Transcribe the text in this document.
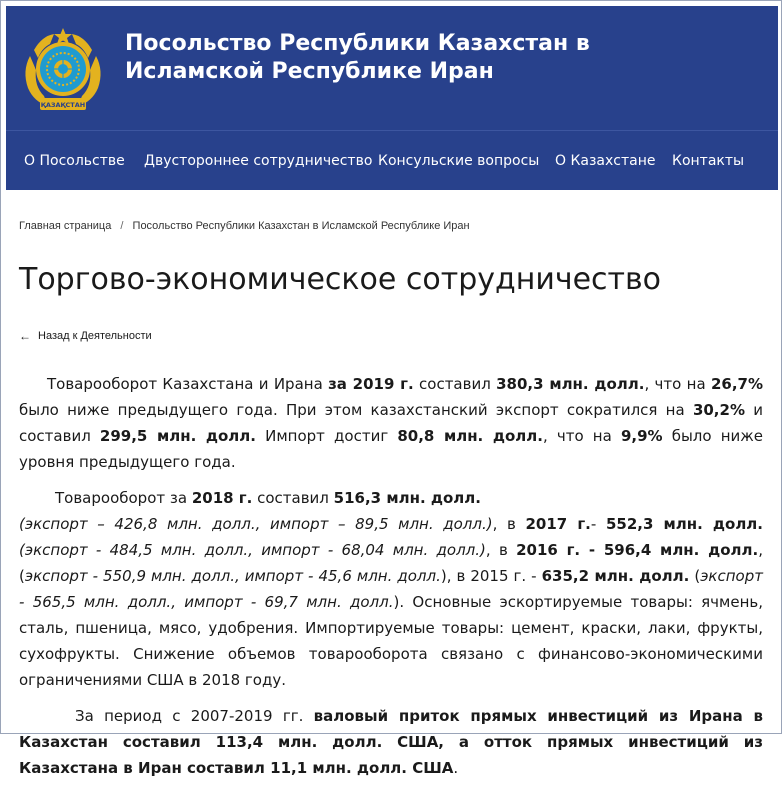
ҚАЗАҚСТАН
Посольство Республики Казахстан в Исламской Республике Иран
О Посольстве Двустороннее сотрудничество Консульские вопросы О Казахстане Контакты
Главная страница / Посольство Республики Казахстан в Исламской Республике Иран
Торгово-экономическое сотрудничество
← Назад к Деятельности

Товарооборот Казахстана и Ирана за 2019 г. составил 380,3 млн. долл., что на 26,7% было ниже предыдущего года. При этом казахстанский экспорт сократился на 30,2% и составил 299,5 млн. долл. Импорт достиг 80,8 млн. долл., что на 9,9% было ниже уровня предыдущего года.

Товарооборот за 2018 г. составил 516,3 млн. долл.
(экспорт – 426,8 млн. долл., импорт – 89,5 млн. долл.), в 2017 г.- 552,3 млн. долл. (экспорт - 484,5 млн. долл., импорт - 68,04 млн. долл.), в 2016 г. - 596,4 млн. долл., (экспорт - 550,9 млн. долл., импорт - 45,6 млн. долл.), в 2015 г. - 635,2 млн. долл. (экспорт - 565,5 млн. долл., импорт - 69,7 млн. долл.). Основные эскортируемые товары: ячмень, сталь, пшеница, мясо, удобрения. Импортируемые товары: цемент, краски, лаки, фрукты, сухофрукты. Снижение объемов товарооборота связано с финансово-экономическими ограничениями США в 2018 году.

За период с 2007-2019 гг. валовый приток прямых инвестиций из Ирана в Казахстан составил 113,4 млн. долл. США, а отток прямых инвестиций из Казахстана в Иран составил 11,1 млн. долл. США.
